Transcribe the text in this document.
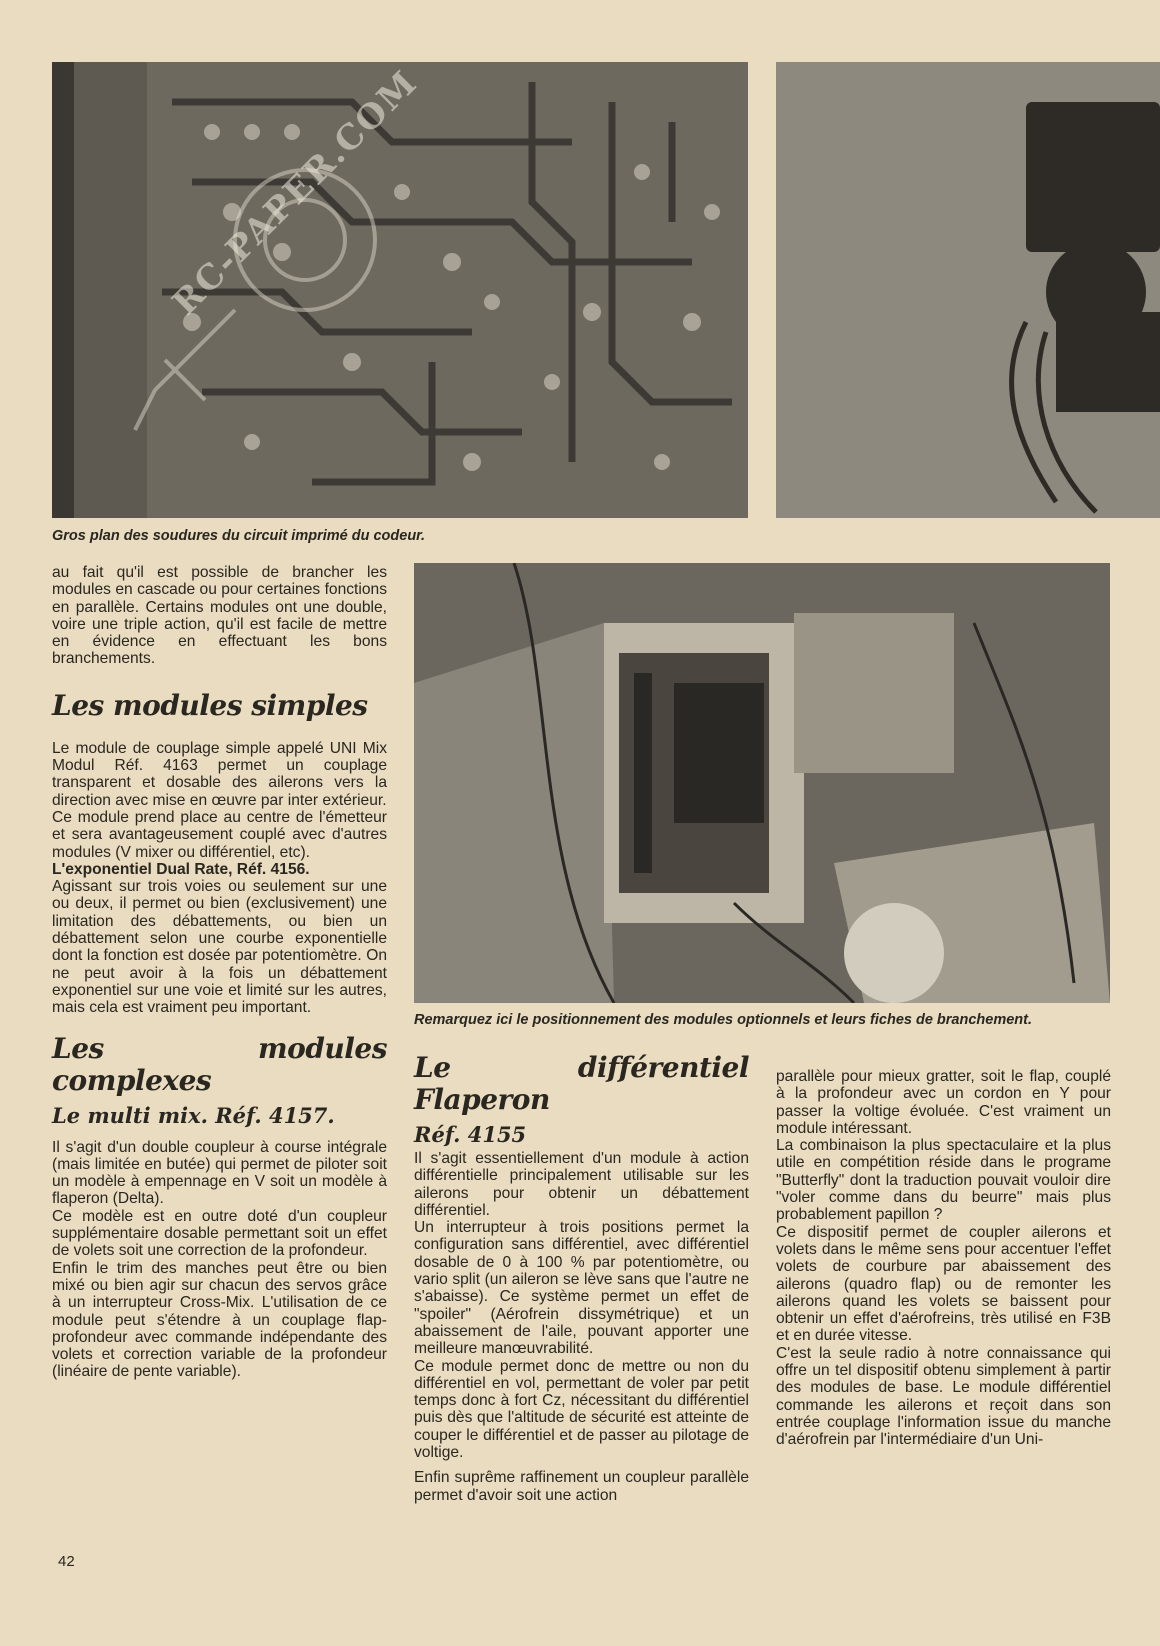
RC-PAPER.COM
Gros plan des soudures du circuit imprimé du codeur.
Remarquez ici le positionnement des modules optionnels et leurs fiches de branchement.

au fait qu'il est possible de brancher les modules en cascade ou pour certaines fonctions en parallèle. Certains modules ont une double, voire une triple action, qu'il est facile de mettre en évidence en effectuant les bons branchements.

Les modules simples

Le module de couplage simple appelé UNI Mix Modul Réf. 4163 permet un couplage transparent et dosable des ailerons vers la direction avec mise en œuvre par inter extérieur.

Ce module prend place au centre de l'émetteur et sera avantageusement couplé avec d'autres modules (V mixer ou différentiel, etc).

L'exponentiel Dual Rate, Réf. 4156.

Agissant sur trois voies ou seulement sur une ou deux, il permet ou bien (exclusivement) une limitation des débattements, ou bien un débattement selon une courbe exponentielle dont la fonction est dosée par potentiomètre. On ne peut avoir à la fois un débattement exponentiel sur une voie et limité sur les autres, mais cela est vraiment peu important.

Les modules complexes
Le multi mix. Réf. 4157.

Il s'agit d'un double coupleur à course intégrale (mais limitée en butée) qui permet de piloter soit un modèle à empennage en V soit un modèle à flaperon (Delta).

Ce modèle est en outre doté d'un coupleur supplémentaire dosable permettant soit un effet de volets soit une correction de la profondeur.

Enfin le trim des manches peut être ou bien mixé ou bien agir sur chacun des servos grâce à un interrupteur Cross-Mix. L'utilisation de ce module peut s'étendre à un couplage flap-profondeur avec commande indépendante des volets et correction variable de la profondeur (linéaire de pente variable).

Le différentiel Flaperon
Réf. 4155

Il s'agit essentiellement d'un module à action différentielle principalement utilisable sur les ailerons pour obtenir un débattement différentiel.

Un interrupteur à trois positions permet la configuration sans différentiel, avec différentiel dosable de 0 à 100 % par potentiomètre, ou vario split (un aileron se lève sans que l'autre ne s'abaisse). Ce système permet un effet de "spoiler" (Aérofrein dissymétrique) et un abaissement de l'aile, pouvant apporter une meilleure manœuvrabilité.

Ce module permet donc de mettre ou non du différentiel en vol, permettant de voler par petit temps donc à fort Cz, nécessitant du différentiel puis dès que l'altitude de sécurité est atteinte de couper le différentiel et de passer au pilotage de voltige.

Enfin suprême raffinement un coupleur parallèle permet d'avoir soit une action

parallèle pour mieux gratter, soit le flap, couplé à la profondeur avec un cordon en Y pour passer la voltige évoluée. C'est vraiment un module intéressant.

La combinaison la plus spectaculaire et la plus utile en compétition réside dans le programe "Butterfly" dont la traduction pouvait vouloir dire "voler comme dans du beurre" mais plus probablement papillon ?

Ce dispositif permet de coupler ailerons et volets dans le même sens pour accentuer l'effet volets de courbure par abaissement des ailerons (quadro flap) ou de remonter les ailerons quand les volets se baissent pour obtenir un effet d'aérofreins, très utilisé en F3B et en durée vitesse.

C'est la seule radio à notre connaissance qui offre un tel dispositif obtenu simplement à partir des modules de base. Le module différentiel commande les ailerons et reçoit dans son entrée couplage l'information issue du manche d'aérofrein par l'intermédiaire d'un Uni-

42
